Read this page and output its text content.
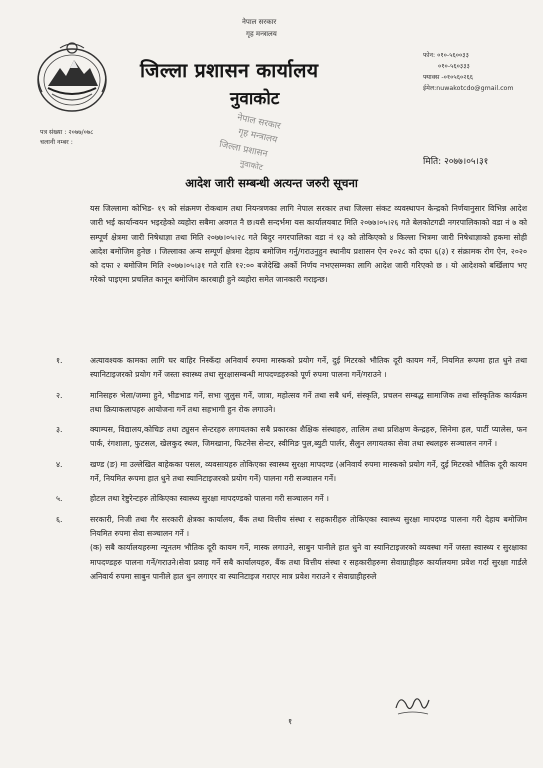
नेपाल सरकार
गृह मन्त्रालय
जिल्ला प्रशासन कार्यालय
नुवाकोट
फोन: ०१०-५६००३३
०१०-५६०३३३
फ्याक्स -०१०५६०२६६
ईमेल:nuwakotcdo@gmail.com
पत्र संख्या : २०७७/०७८
चलानी नम्बर :
नेपाल सरकार
गृह मन्त्रालय
जिल्ला प्रशासन
नुवाकोट	मिति: २०७७।०५।३१
आदेश जारी सम्बन्धी अत्यन्त जरुरी सूचना
यस जिल्लामा कोभिड- १९ को संक्रमण रोकथाम तथा नियन्त्रणका लागि नेपाल सरकार तथा जिल्ला संकट व्यवस्थापन केन्द्रको निर्णयानुसार विभिन्न आदेश जारी भई कार्यान्वयन भइरहेको व्यहोरा सबैमा अवगत नै छ।यसै सन्दर्भमा यस कार्यालयबाट मिति २०७७।०५।२६ गते बेलकोटगढी नगरपालिकाको वडा नं ७ को सम्पूर्ण क्षेत्रमा जारी निषेधाज्ञा तथा मिति २०७७।०५।२८ गते बिदुर नगरपालिका वडा नं १३ को तोकिएको ४ किल्ला भित्रमा जारी निषेधाज्ञाको हकमा सोही आदेश बमोजिम हुनेछ । जिल्लाका अन्य सम्पूर्ण क्षेत्रमा देहाय बमोजिम गर्नु/गराउनुहुन स्थानीय प्रशासन ऐन २०२८ को दफा ६(३) र संक्रामक रोग ऐन, २०२० को दफा २ बमोजिम मिति २०७७।०५।३१ गते राति १२:०० बजेदेखि अर्को निर्णय नभएसम्मका लागि आदेश जारी गरिएको छ । यो आदेशको बर्खिलाप भए गरेको पाइएमा प्रचलित कानून बमोजिम कारबाही हुने व्यहोरा समेत जानकारी गराइन्छ।
१.	अत्यावश्यक कामका लागि घर बाहिर निस्कँदा अनिवार्य रुपमा मास्कको प्रयोग गर्ने, दुई मिटरको भौतिक दूरी कायम गर्ने, नियमित रूपमा हात धुने तथा स्यानिटाइजरको प्रयोग गर्ने जस्ता स्वास्थ्य तथा सुरक्षासम्बन्धी मापदण्डहरुको पूर्ण रुपमा पालना गर्ने/गराउने ।
२.	मानिसहरु भेला/जम्मा हुने, भीडभाड गर्ने, सभा जुलुस गर्ने, जात्रा, महोत्सव गर्ने तथा सबै धर्म, संस्कृति, प्रचलन सम्बद्ध सामाजिक तथा साँस्कृतिक कार्यक्रम तथा क्रियाकलापहरु आयोजना गर्ने तथा सहभागी हुन रोक लगाउने।
३.	क्याम्पस, विद्यालय,कोचिङ तथा ट्युसन सेन्टरहरु लगायतका सबै प्रकारका शैक्षिक संस्थाहरु, तालिम तथा प्रशिक्षण केन्द्रहरु, सिनेमा हल, पार्टी प्यालेस, फन पार्क, रंगशाला, फुटसल, खेलकुद स्थल, जिमखाना, फिटनेस सेन्टर, स्वीमिङ पुल,ब्युटी पार्लर, सैलुन लगायतका सेवा तथा स्थलहरु सञ्चालन नगर्ने ।
४.	खण्ड (ङ) मा उल्लेखित बाहेकका पसल, व्यवसायहरु तोकिएका स्वास्थ्य सुरक्षा मापदण्ड (अनिवार्य रुपमा मास्कको प्रयोग गर्ने, दुई मिटरको भौतिक दूरी कायम गर्ने, नियमित रूपमा हात धुने तथा स्यानिटाइजरको प्रयोग गर्ने) पालना गरी सञ्चालन गर्ने।
५.	होटल तथा रेष्टुरेन्टहरु तोकिएका स्वास्थ्य सुरक्षा मापदण्डको पालना गरी सञ्चालन गर्ने ।
६.	सरकारी, निजी तथा गैर सरकारी क्षेत्रका कार्यालय, बैंक तथा वित्तीय संस्था र सहकारीहरु तोकिएका स्वास्थ्य सुरक्षा मापदण्ड पालना गरी देहाय बमोजिम नियमित रुपमा सेवा सञ्चालन गर्ने ।
(क) सबै कार्यालयहरुमा न्यूनतम भौतिक दूरी कायम गर्ने, मास्क लगाउने, साबुन पानीले हात धुने वा स्यानिटाइजरको व्यवस्था गर्ने जस्ता स्वास्थ्य र सुरक्षाका मापदण्डहरु पालना गर्ने/गराउने।सेवा प्रवाह गर्ने सबै कार्यालयहरु, बैंक तथा वित्तीय संस्था र सहकारीहरुमा सेवाग्राहीहरु कार्यालयमा प्रवेश गर्दा सुरक्षा गार्डले अनिवार्य रुपमा साबुन पानीले हात धुन लगाएर वा स्यानिटाइज गराएर मात्र प्रवेश गराउने र सेवाग्राहीहरुले
१
